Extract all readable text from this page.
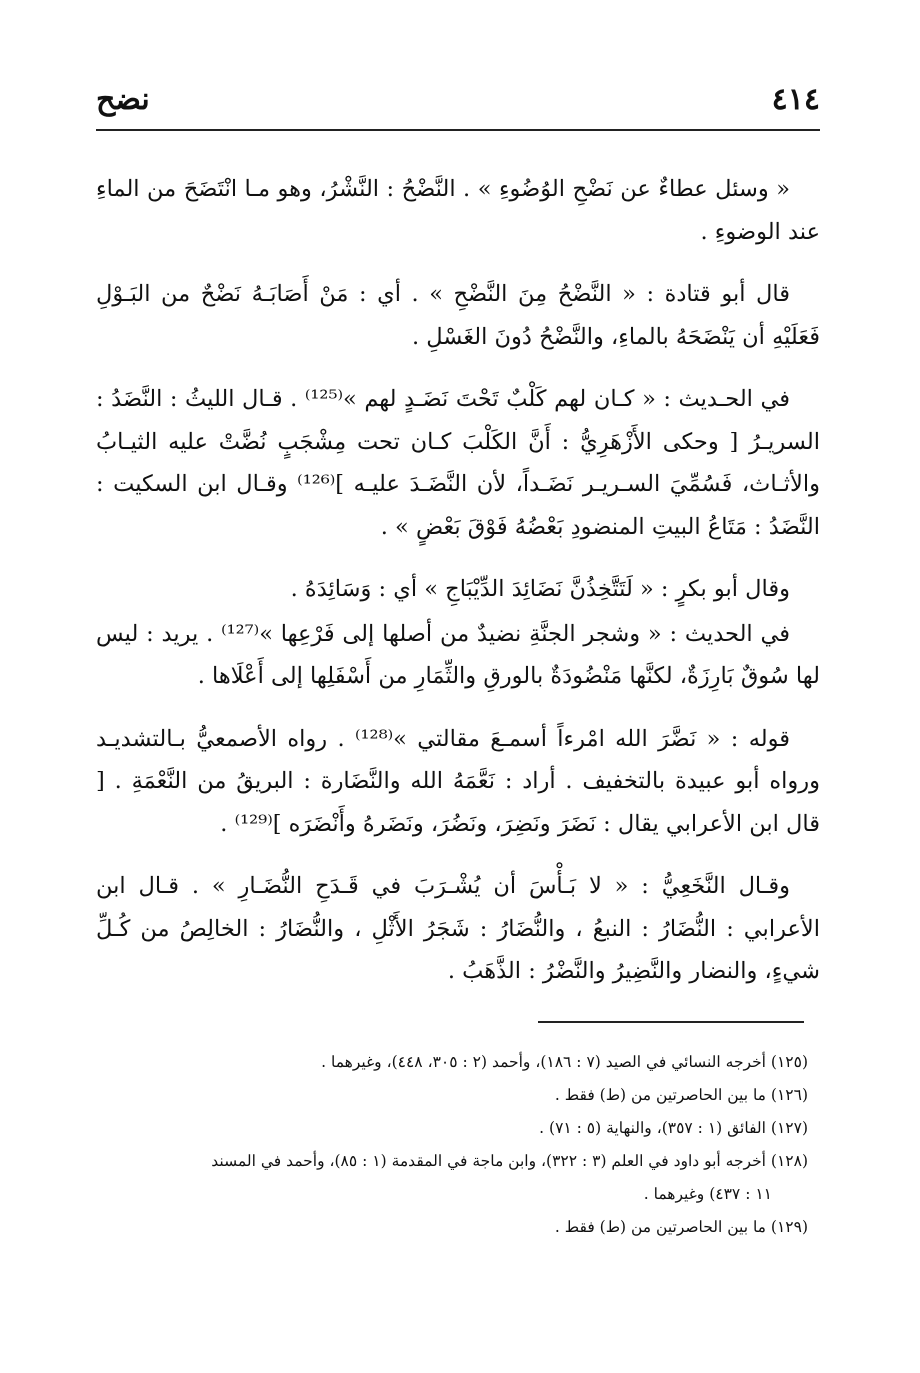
٤١٤
نضح

« وسئل عطاءٌ عن نَضْحِ الوُضُوءِ » . النَّضْحُ : النَّشْرُ، وهو مـا انْتَضَحَ من الماءِ عند الوضوءِ .

قال أبو قتادة : « النَّضْحُ مِنَ النَّضْحِ » . أي : مَنْ أَصَابَـهُ نَضْحٌ من البَـوْلِ فَعَلَيْهِ أن يَنْضَحَهُ بالماءِ، والنَّضْحُ دُونَ الغَسْلِ .

في الحـديث : « كـان لهم كَلْبٌ تَحْتَ نَضَـدٍ لهم »⁽¹²⁵⁾ . قـال الليثُ : النَّضَدُ : السريـرُ [ وحكى الأَزْهَرِيُّ : أَنَّ الكَلْبَ كـان تحت مِشْجَبٍ نُضَّتْ عليه الثيـابُ والأثـاث، فَسُمِّيَ السـريـر نَضَـداً، لأن النَّضَـدَ عليـه ]⁽¹²⁶⁾ وقـال ابن السكيت : النَّضَدُ : مَتَاعُ البيتِ المنضودِ بَعْضُهُ فَوْقَ بَعْضٍ » .

وقال أبو بكرٍ : « لَتَتَّخِذُنَّ نَضَائِدَ الدِّيْبَاجِ » أي : وَسَائِدَهُ .

في الحديث : « وشجر الجنَّةِ نضيدٌ من أصلها إلى فَرْعِها »⁽¹²⁷⁾ . يريد : ليس لها سُوقٌ بَارِزَةٌ، لكنَّها مَنْضُودَةٌ بالورقِ والثِّمَارِ من أَسْفَلِها إلى أَعْلَاها .

قوله : « نَضَّرَ الله امْرءاً أسمـعَ مقالتي »⁽¹²⁸⁾ . رواه الأصمعيُّ بـالتشديـد ورواه أبو عبيدة بالتخفيف . أراد : نَعَّمَهُ الله والنَّضَارة : البريقُ من النَّعْمَةِ . [ قال ابن الأعرابي يقال : نَضَرَ ونَضِرَ، ونَضُرَ، ونَضَرهُ وأَنْضَرَه ]⁽¹²⁹⁾ .

وقـال النَّخَعِيُّ : « لا بَـأْسَ أن يُشْـرَبَ في قَـدَحِ النُّضَـارِ » . قـال ابن الأعرابي : النُّضَارُ : النبعُ ، والنُّضَارُ : شَجَرُ الأَثْلِ ، والنُّضَارُ : الخالِصُ من كُـلِّ شيءٍ، والنضار والنَّضِيرُ والنَّضْرُ : الذَّهَبُ .

(١٢٥) أخرجه النسائي في الصيد (٧ : ١٨٦)، وأحمد (٢ : ٣٠٥، ٤٤٨)، وغيرهما .

(١٢٦) ما بين الحاصرتين من (ط) فقط .

(١٢٧) الفائق (١ : ٣٥٧)، والنهاية (٥ : ٧١) .

(١٢٨) أخرجه أبو داود في العلم (٣ : ٣٢٢)، وابن ماجة في المقدمة (١ : ٨٥)، وأحمد في المسند

١١ : ٤٣٧) وغيرهما .

(١٢٩) ما بين الحاصرتين من (ط) فقط .
